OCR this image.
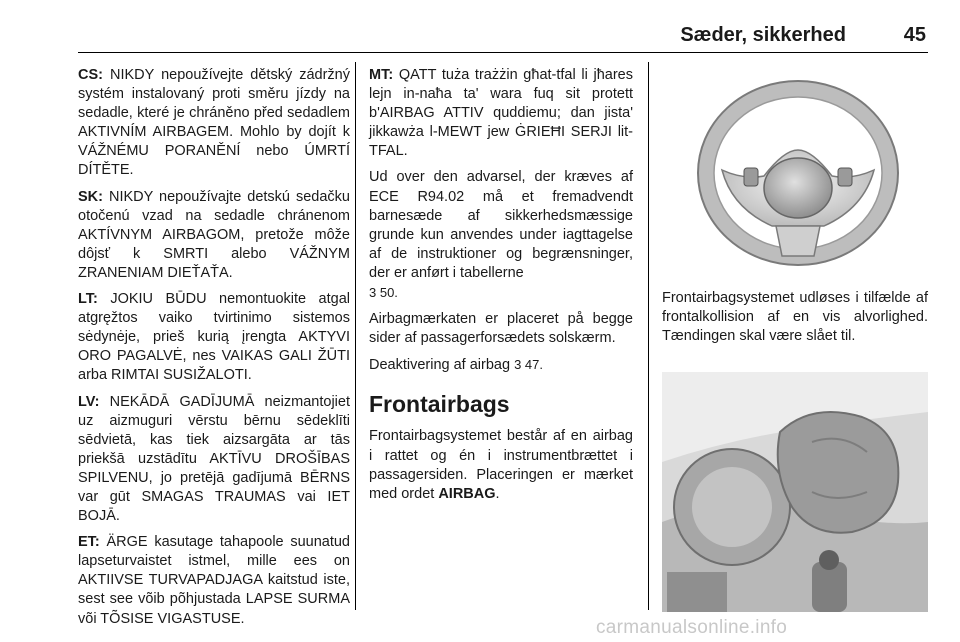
Sæder, sikkerhed	45

CS: NIKDY nepoužívejte dětský zádržný systém instalovaný proti směru jízdy na sedadle, které je chráněno před sedadlem AKTIVNÍM AIRBAGEM. Mohlo by dojít k VÁŽNÉMU PORANĚNÍ nebo ÚMRTÍ DÍTĚTE.

SK: NIKDY nepoužívajte detskú sedačku otočenú vzad na sedadle chránenom AKTÍVNYM AIRBAGOM, pretože môže dôjsť k SMRTI alebo VÁŽNYM ZRANENIAM DIEŤAŤA.

LT: JOKIU BŪDU nemontuokite atgal atgręžtos vaiko tvirtinimo sistemos sėdynėje, prieš kurią įrengta AKTYVI ORO PAGALVĖ, nes VAIKAS GALI ŽŪTI arba RIMTAI SUSIŽALOTI.

LV: NEKĀDĀ GADĪJUMĀ neizmantojiet uz aizmuguri vērstu bērnu sēdeklīti sēdvietā, kas tiek aizsargāta ar tās priekšā uzstādītu AKTĪVU DROŠĪBAS SPILVENU, jo pretējā gadījumā BĒRNS var gūt SMAGAS TRAUMAS vai IET BOJĀ.

ET: ÄRGE kasutage tahapoole suunatud lapseturvaistet istmel, mille ees on AKTIIVSE TURVAPADJAGA kaitstud iste, sest see võib põhjustada LAPSE SURMA või TÕSISE VIGASTUSE.

MT: QATT tuża trażżin għat-tfal li jħares lejn in-naħa ta' wara fuq sit protett b'AIRBAG ATTIV quddiemu; dan jista' jikkawża l-MEWT jew ĠRIEĦI SERJI lit-TFAL.

Ud over den advarsel, der kræves af ECE R94.02 må et fremadvendt barnesæde af sikkerhedsmæssige grunde kun anvendes under iagttagelse af de instruktioner og begrænsninger, der er anført i tabellerne
3 50.

Airbagmærkaten er placeret på begge sider af passagerforsædets solskærm.

Deaktivering af airbag 3 47.

Frontairbags

Frontairbagsystemet består af en airbag i rattet og én i instrumentbrættet i passagersiden. Placeringen er mærket med ordet AIRBAG.

Frontairbagsystemet udløses i tilfælde af frontalkollision af en vis alvorlighed. Tændingen skal være slået til.

carmanualsonline.info
